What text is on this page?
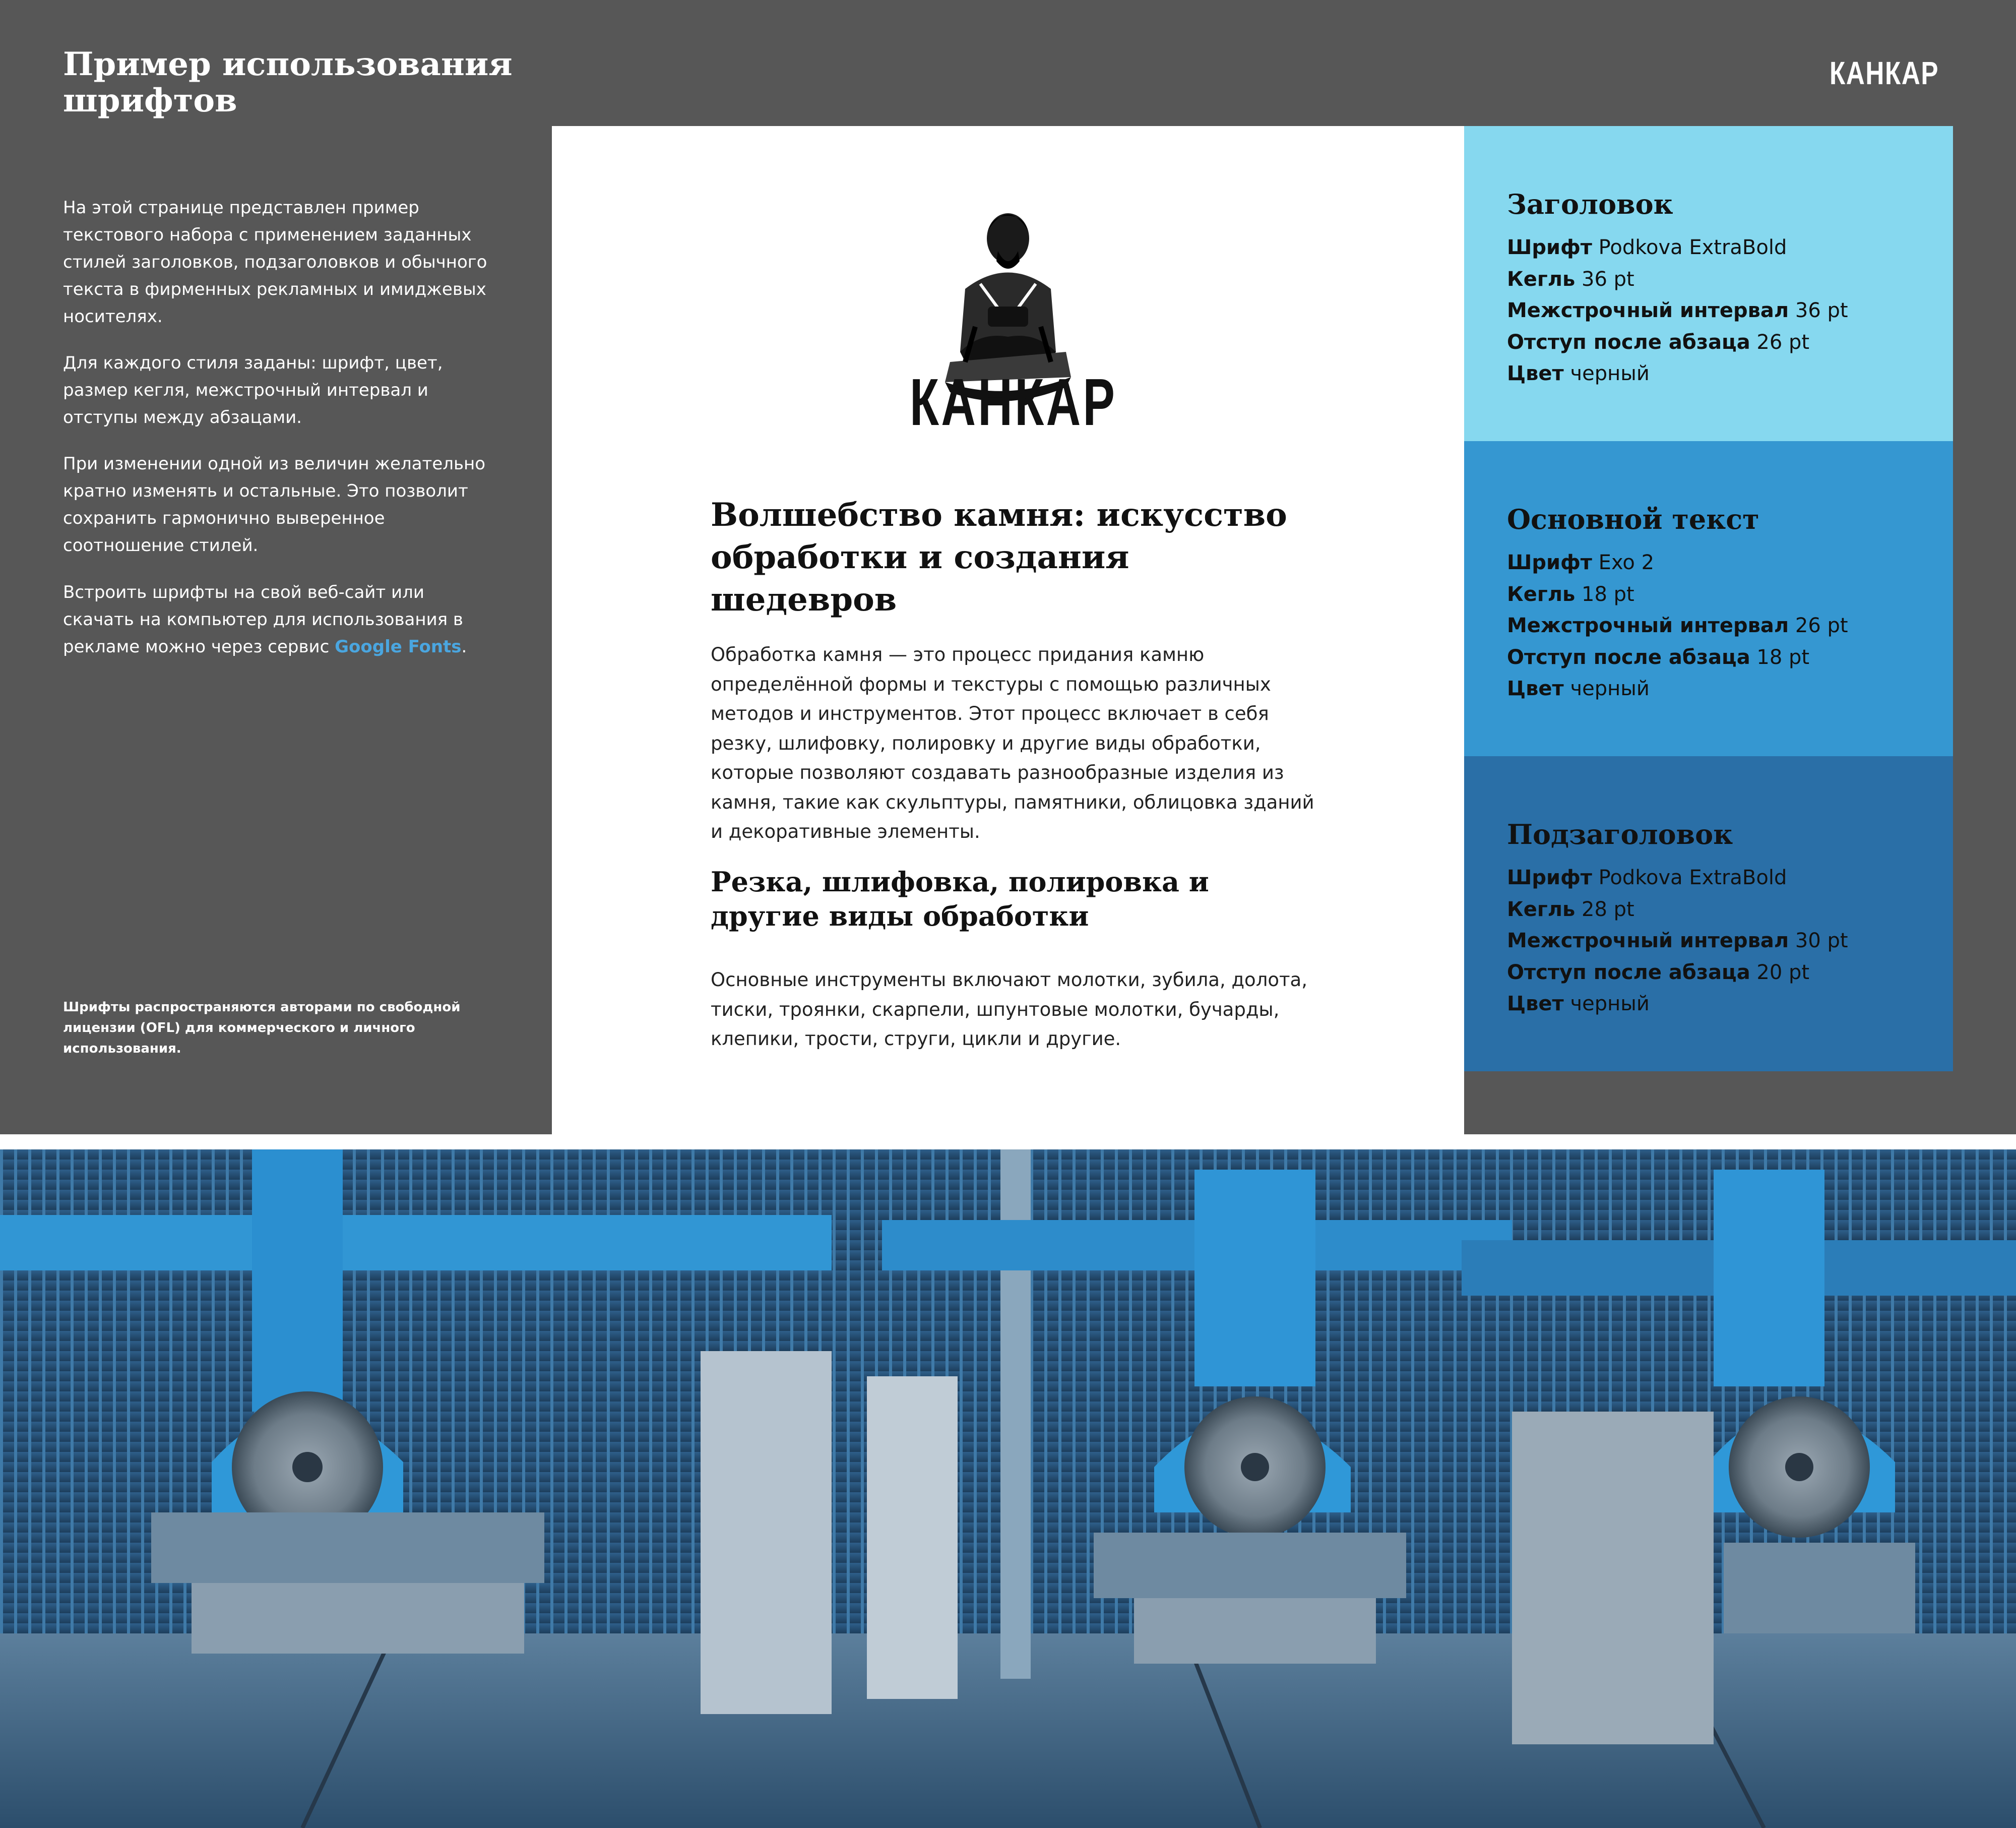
Пример использования шрифтов

На этой странице представлен пример текстового набора с применением заданных стилей заголовков, подзаголовков и обычного текста в фирменных рекламных и имиджевых носителях.

Для каждого стиля заданы: шрифт, цвет, размер кегля, межстрочный интервал и отступы между абзацами.

При изменении одной из величин желательно кратно изменять и остальные. Это позволит сохранить гармонично выверенное соотношение стилей.

Встроить шрифты на свой веб-сайт или скачать на компьютер для использования в рекламе можно через сервис Google Fonts.

Шрифты распространяются авторами по свободной лицензии (OFL) для коммерческого и личного использования.

КАНКАР
КАНКАР
Волшебство камня: искусство обработки и создания шедевров

Обработка камня — это процесс придания камню определённой формы и текстуры с помощью различных методов и инструментов. Этот процесс включает в себя резку, шлифовку, полировку и другие виды обработки, которые позволяют создавать разнообразные изделия из камня, такие как скульптуры, памятники, облицовка зданий и декоративные элементы.

Резка, шлифовка, полировка и другие виды обработки

Основные инструменты включают молотки, зубила, долота, тиски, троянки, скарпели, шпунтовые молотки, бучарды, клепики, трости, струги, цикли и другие.

Заголовок
Шрифт Podkova ExtraBold
Кегль 36 pt
Межстрочный интервал 36 pt
Отступ после абзаца 26 pt
Цвет черный
Основной текст
Шрифт Exo 2
Кегль 18 pt
Межстрочный интервал 26 pt
Отступ после абзаца 18 pt
Цвет черный
Подзаголовок
Шрифт Podkova ExtraBold
Кегль 28 pt
Межстрочный интервал 30 pt
Отступ после абзаца 20 pt
Цвет черный
